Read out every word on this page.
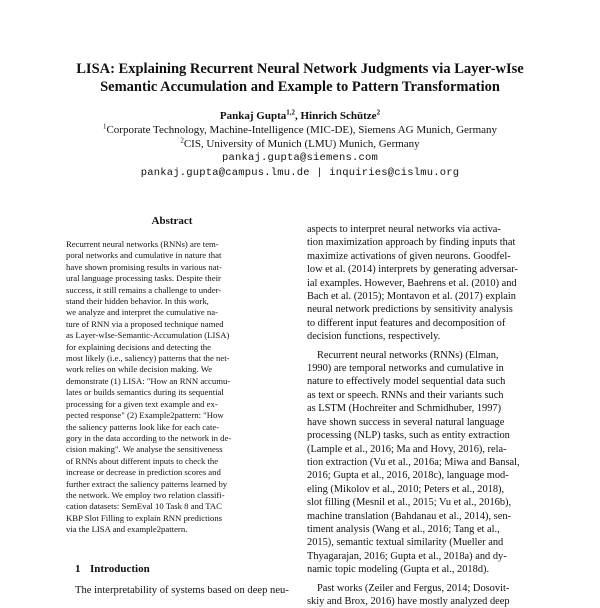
LISA: Explaining Recurrent Neural Network Judgments via Layer-wIse
Semantic Accumulation and Example to Pattern Transformation
Pankaj Gupta$^{1,2}$, Hinrich Schütze$^2$
$^1$Corporate Technology, Machine-Intelligence (MIC-DE), Siemens AG Munich, Germany
$^2$CIS, University of Munich (LMU) Munich, Germany
pankaj.gupta@siemens.com
pankaj.gupta@campus.lmu.de | inquiries@cislmu.org
Abstract
Recurrent neural networks (RNNs) are tem-
poral networks and cumulative in nature that
have shown promising results in various nat-
ural language processing tasks. Despite their
success, it still remains a challenge to under-
stand their hidden behavior. In this work,
we analyze and interpret the cumulative na-
ture of RNN via a proposed technique named
as Layer-wIse-Semantic-Accumulation (LISA)
for explaining decisions and detecting the
most likely (i.e., saliency) patterns that the net-
work relies on while decision making. We
demonstrate (1) LISA: "How an RNN accumu-
lates or builds semantics during its sequential
processing for a given text example and ex-
pected response" (2) Example2pattern: "How
the saliency patterns look like for each cate-
gory in the data according to the network in de-
cision making". We analyse the sensitiveness
of RNNs about different inputs to check the
increase or decrease in prediction scores and
further extract the saliency patterns learned by
the network. We employ two relation classifi-
cation datasets: SemEval 10 Task 8 and TAC
KBP Slot Filling to explain RNN predictions
via the LISA and example2pattern.
1 Introduction
The interpretability of systems based on deep neu-
aspects to interpret neural networks via activa-
tion maximization approach by finding inputs that
maximize activations of given neurons. Goodfel-
low et al. (2014) interprets by generating adversar-
ial examples. However, Baehrens et al. (2010) and
Bach et al. (2015); Montavon et al. (2017) explain
neural network predictions by sensitivity analysis
to different input features and decomposition of
decision functions, respectively.
Recurrent neural networks (RNNs) (Elman,
1990) are temporal networks and cumulative in
nature to effectively model sequential data such
as text or speech. RNNs and their variants such
as LSTM (Hochreiter and Schmidhuber, 1997)
have shown success in several natural language
processing (NLP) tasks, such as entity extraction
(Lample et al., 2016; Ma and Hovy, 2016), rela-
tion extraction (Vu et al., 2016a; Miwa and Bansal,
2016; Gupta et al., 2016, 2018c), language mod-
eling (Mikolov et al., 2010; Peters et al., 2018),
slot filling (Mesnil et al., 2015; Vu et al., 2016b),
machine translation (Bahdanau et al., 2014), sen-
timent analysis (Wang et al., 2016; Tang et al.,
2015), semantic textual similarity (Mueller and
Thyagarajan, 2016; Gupta et al., 2018a) and dy-
namic topic modeling (Gupta et al., 2018d).
Past works (Zeiler and Fergus, 2014; Dosovit-
skiy and Brox, 2016) have mostly analyzed deep
